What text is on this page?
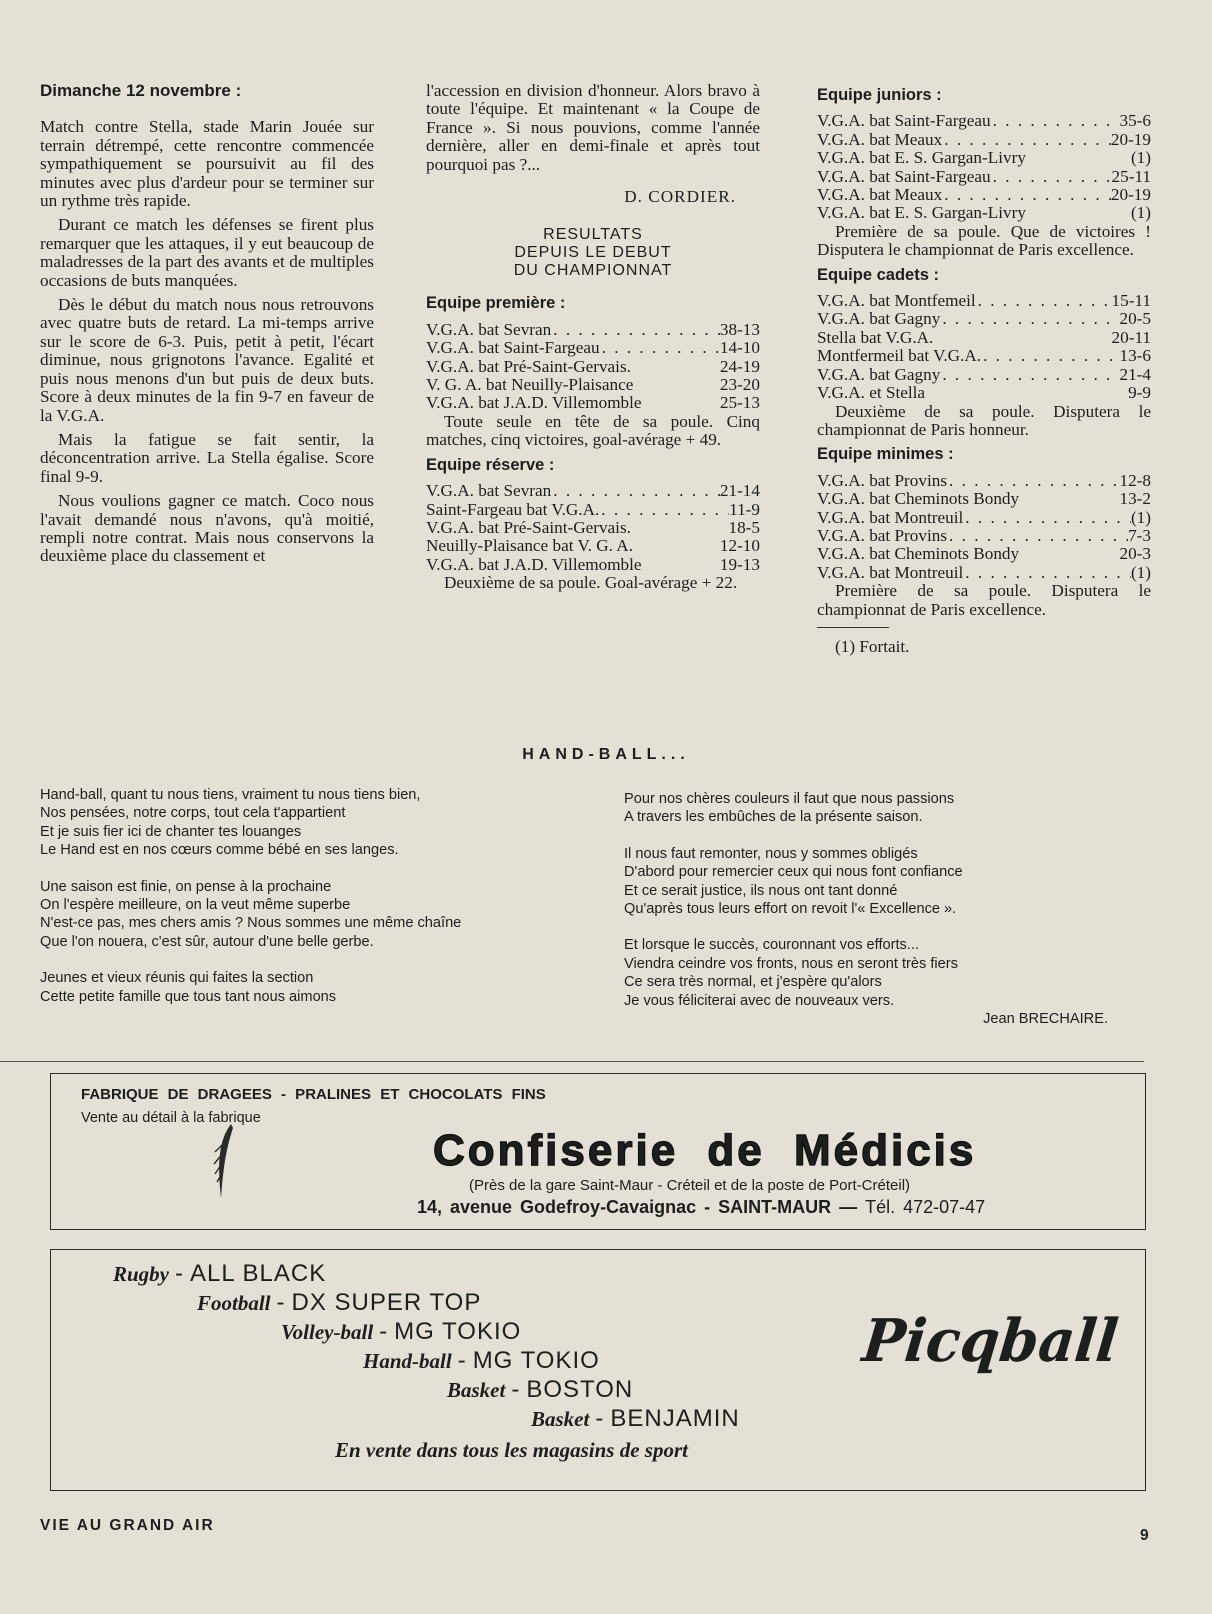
Dimanche 12 novembre :

Match contre Stella, stade Marin Jouée sur terrain détrempé, cette rencontre commencée sympathiquement se poursuivit au fil des minutes avec plus d'ardeur pour se terminer sur un rythme très rapide.

Durant ce match les défenses se firent plus remarquer que les attaques, il y eut beaucoup de maladresses de la part des avants et de multiples occasions de buts manquées.

Dès le début du match nous nous retrouvons avec quatre buts de retard. La mi-temps arrive sur le score de 6-3. Puis, petit à petit, l'écart diminue, nous grignotons l'avance. Egalité et puis nous menons d'un but puis de deux buts. Score à deux minutes de la fin 9-7 en faveur de la V.G.A.

Mais la fatigue se fait sentir, la déconcentration arrive. La Stella égalise. Score final 9-9.

Nous voulions gagner ce match. Coco nous l'avait demandé nous n'avons, qu'à moitié, rempli notre contrat. Mais nous conservons la deuxième place du classement et

l'accession en division d'honneur. Alors bravo à toute l'équipe. Et maintenant « la Coupe de France ». Si nous pouvions, comme l'année dernière, aller en demi-finale et après tout pourquoi pas ?...

D. CORDIER.
RESULTATS
DEPUIS LE DEBUT
DU CHAMPIONNAT
Equipe première :
V.G.A. bat Sevran . . .	38-13
V.G.A. bat Saint-Fargeau . . .	14-10
V.G.A. bat Pré-Saint-Gervais.	24-19
V. G. A. bat Neuilly-Plaisance	23-20
V.G.A. bat J.A.D. Villemomble	25-13

Toute seule en tête de sa poule. Cinq matches, cinq victoires, goal-avérage + 49.

Equipe réserve :
V.G.A. bat Sevran . . .	21-14
Saint-Fargeau bat V.G.A. . . .	11-9
V.G.A. bat Pré-Saint-Gervais.	18-5
Neuilly-Plaisance bat V. G. A.	12-10
V.G.A. bat J.A.D. Villemomble	19-13

Deuxième de sa poule. Goal-avérage + 22.

Equipe juniors :
V.G.A. bat Saint-Fargeau . . .	35-6
V.G.A. bat Meaux . . .	20-19
V.G.A. bat E. S. Gargan-Livry	(1)
V.G.A. bat Saint-Fargeau . . .	25-11
V.G.A. bat Meaux . . .	20-19
V.G.A. bat E. S. Gargan-Livry	(1)

Première de sa poule. Que de victoires ! Disputera le championnat de Paris excellence.

Equipe cadets :
V.G.A. bat Montfemeil . . .	15-11
V.G.A. bat Gagny . . .	20-5
Stella bat V.G.A.	20-11
Montfermeil bat V.G.A. . . .	13-6
V.G.A. bat Gagny . . .	21-4
V.G.A. et Stella	9-9

Deuxième de sa poule. Disputera le championnat de Paris honneur.

Equipe minimes :
V.G.A. bat Provins . . .	12-8
V.G.A. bat Cheminots Bondy	13-2
V.G.A. bat Montreuil . . .	(1)
V.G.A. bat Provins . . .	7-3
V.G.A. bat Cheminots Bondy	20-3
V.G.A. bat Montreuil . . .	(1)

Première de sa poule. Disputera le championnat de Paris excellence.

(1) Fortait.
HAND-BALL...
Hand-ball, quant tu nous tiens, vraiment tu nous tiens bien,
Nos pensées, notre corps, tout cela t'appartient
Et je suis fier ici de chanter tes louanges
Le Hand est en nos cœurs comme bébé en ses langes.
Une saison est finie, on pense à la prochaine
On l'espère meilleure, on la veut même superbe
N'est-ce pas, mes chers amis ? Nous sommes une même chaîne
Que l'on nouera, c'est sûr, autour d'une belle gerbe.
Jeunes et vieux réunis qui faites la section
Cette petite famille que tous tant nous aimons
Pour nos chères couleurs il faut que nous passions
A travers les embûches de la présente saison.
Il nous faut remonter, nous y sommes obligés
D'abord pour remercier ceux qui nous font confiance
Et ce serait justice, ils nous ont tant donné
Qu'après tous leurs effort on revoit l'« Excellence ».
Et lorsque le succès, couronnant vos efforts...
Viendra ceindre vos fronts, nous en seront très fiers
Ce sera très normal, et j'espère qu'alors
Je vous féliciterai avec de nouveaux vers.
Jean BRECHAIRE.
FABRIQUE DE DRAGEES - PRALINES ET CHOCOLATS FINS
Vente au détail à la fabrique
Confiserie de Médicis
(Près de la gare Saint-Maur - Créteil et de la poste de Port-Créteil)
14, avenue Godefroy-Cavaignac - SAINT-MAUR — Tél. 472-07-47
Rugby - ALL BLACK
Football - DX SUPER TOP
Volley-ball - MG TOKIO
Hand-ball - MG TOKIO
Basket - BOSTON
Basket - BENJAMIN
En vente dans tous les magasins de sport
Picqball
VIE AU GRAND AIR
9
